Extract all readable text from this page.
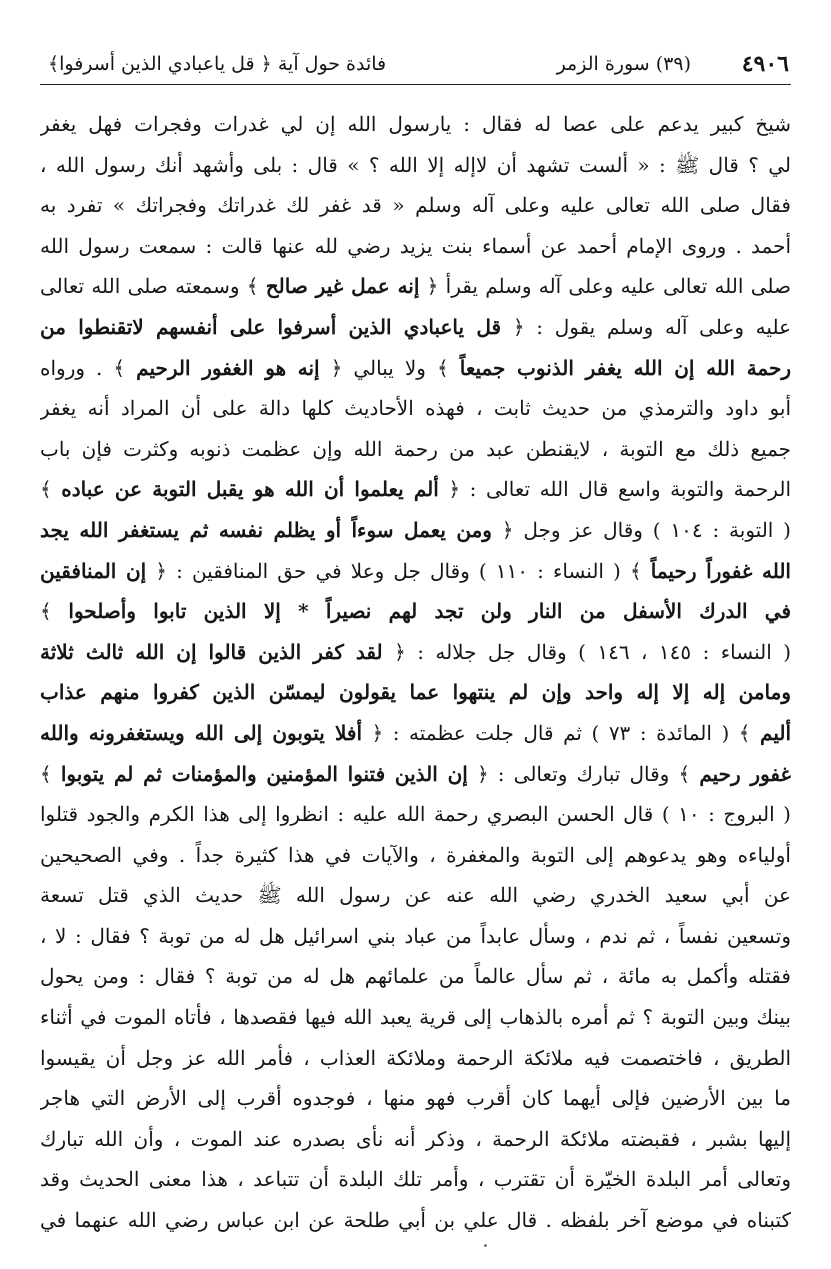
٤٩٠٦
(٣٩) سورة الزمر
فائدة حول آية ﴿ قل ياعبادي الذين أسرفوا﴾
شيخ كبير يدعم على عصا له فقال : يارسول الله إن لي غدرات وفجرات فهل يغفر
لي ؟ قال ﷺ : « ألست تشهد أن لاإله إلا الله ؟ » قال : بلى وأشهد أنك رسول الله ،
فقال صلى الله تعالى عليه وعلى آله وسلم « قد غفر لك غدراتك وفجراتك » تفرد به
أحمد . وروى الإمام أحمد عن أسماء بنت يزيد رضي لله عنها قالت : سمعت رسول الله
صلى الله تعالى عليه وعلى آله وسلم يقرأ ﴿ إنه عمل غير صالح ﴾ وسمعته صلى الله تعالى
عليه وعلى آله وسلم يقول : ﴿ قل ياعبادي الذين أسرفوا على أنفسهم لاتقنطوا من
رحمة الله إن الله يغفر الذنوب جميعاً ﴾ ولا يبالي ﴿ إنه هو الغفور الرحيم ﴾ . ورواه
أبو داود والترمذي من حديث ثابت ، فهذه الأحاديث كلها دالة على أن المراد أنه يغفر
جميع ذلك مع التوبة ، لايقنطن عبد من رحمة الله وإن عظمت ذنوبه وكثرت فإن باب
الرحمة والتوبة واسع قال الله تعالى : ﴿ ألم يعلموا أن الله هو يقبل التوبة عن عباده ﴾
( التوبة : ١٠٤ ) وقال عز وجل ﴿ ومن يعمل سوءاً أو يظلم نفسه ثم يستغفر الله يجد
الله غفوراً رحيماً ﴾ ( النساء : ١١٠ ) وقال جل وعلا في حق المنافقين : ﴿ إن المنافقين
في الدرك الأسفل من النار ولن تجد لهم نصيراً * إلا الذين تابوا وأصلحوا ﴾
( النساء : ١٤٥ ، ١٤٦ ) وقال جل جلاله : ﴿ لقد كفر الذين قالوا إن الله ثالث ثلاثة
ومامن إله إلا إله واحد وإن لم ينتهوا عما يقولون ليمسّن الذين كفروا منهم عذاب
أليم ﴾ ( المائدة : ٧٣ ) ثم قال جلت عظمته : ﴿ أفلا يتوبون إلى الله ويستغفرونه والله
غفور رحيم ﴾ وقال تبارك وتعالى : ﴿ إن الذين فتنوا المؤمنين والمؤمنات ثم لم يتوبوا ﴾
( البروج : ١٠ ) قال الحسن البصري رحمة الله عليه : انظروا إلى هذا الكرم والجود قتلوا
أولياءه وهو يدعوهم إلى التوبة والمغفرة ، والآيات في هذا كثيرة جداً . وفي الصحيحين
عن أبي سعيد الخدري رضي الله عنه عن رسول الله ﷺ حديث الذي قتل تسعة
وتسعين نفساً ، ثم ندم ، وسأل عابداً من عباد بني اسرائيل هل له من توبة ؟ فقال : لا ،
فقتله وأكمل به مائة ، ثم سأل عالماً من علمائهم هل له من توبة ؟ فقال : ومن يحول
بينك وبين التوبة ؟ ثم أمره بالذهاب إلى قرية يعبد الله فيها فقصدها ، فأتاه الموت في أثناء
الطريق ، فاختصمت فيه ملائكة الرحمة وملائكة العذاب ، فأمر الله عز وجل أن يقيسوا
ما بين الأرضين فإلى أيهما كان أقرب فهو منها ، فوجدوه أقرب إلى الأرض التي هاجر
إليها بشبر ، فقبضته ملائكة الرحمة ، وذكر أنه نأى بصدره عند الموت ، وأن الله تبارك
وتعالى أمر البلدة الخيّرة أن تقترب ، وأمر تلك البلدة أن تتباعد ، هذا معنى الحديث وقد
كتبناه في موضع آخر بلفظه . قال علي بن أبي طلحة عن ابن عباس رضي الله عنهما في
